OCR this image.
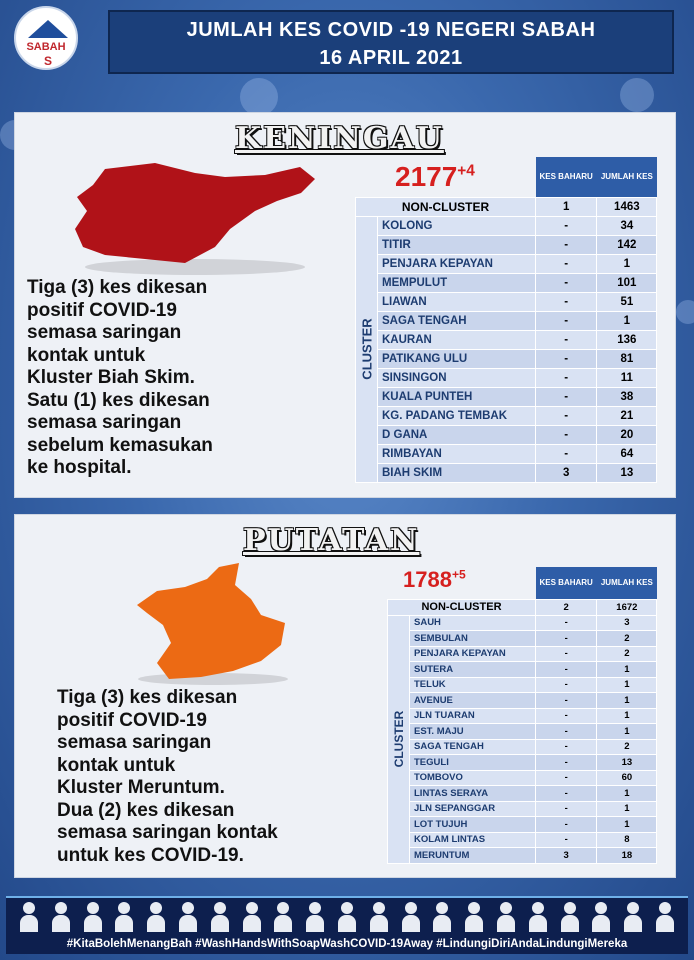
SABAH
S
JUMLAH KES COVID -19 NEGERI SABAH
16 APRIL 2021
KENINGAU
$2177^{+4}$
Tiga (3) kes dikesan
positif COVID-19
semasa saringan
kontak untuk
Kluster Biah Skim.
Satu (1) kes dikesan
semasa saringan
sebelum kemasukan
ke hospital.
		KES BAHARU	JUMLAH KES
NON-CLUSTER		1	1463

CLUSTER	KOLONG	-	34
	TITIR	-	142
	PENJARA KEPAYAN	-	1
	MEMPULUT	-	101
	LIAWAN	-	51
	SAGA TENGAH	-	1
	KAURAN	-	136
	PATIKANG ULU	-	81
	SINSINGON	-	11
	KUALA PUNTEH	-	38
	KG. PADANG TEMBAK	-	21
	D GANA	-	20
	RIMBAYAN	-	64
	BIAH SKIM	3	13
PUTATAN
$1788^{+5}$
Tiga (3) kes dikesan
positif COVID-19
semasa saringan
kontak untuk
Kluster Meruntum.
Dua (2) kes dikesan
semasa saringan kontak
untuk kes COVID-19.
		KES BAHARU	JUMLAH KES
NON-CLUSTER		2	1672

CLUSTER	SAUH	-	3
	SEMBULAN	-	2
	PENJARA KEPAYAN	-	2
	SUTERA	-	1
	TELUK	-	1
	AVENUE	-	1
	JLN TUARAN	-	1
	EST. MAJU	-	1
	SAGA TENGAH	-	2
	TEGULI	-	13
	TOMBOVO	-	60
	LINTAS SERAYA	-	1
	JLN SEPANGGAR	-	1
	LOT TUJUH	-	1
	KOLAM LINTAS	-	8
	MERUNTUM	3	18
#KitaBolehMenangBah #WashHandsWithSoapWashCOVID-19Away #LindungiDiriAndaLindungiMereka
